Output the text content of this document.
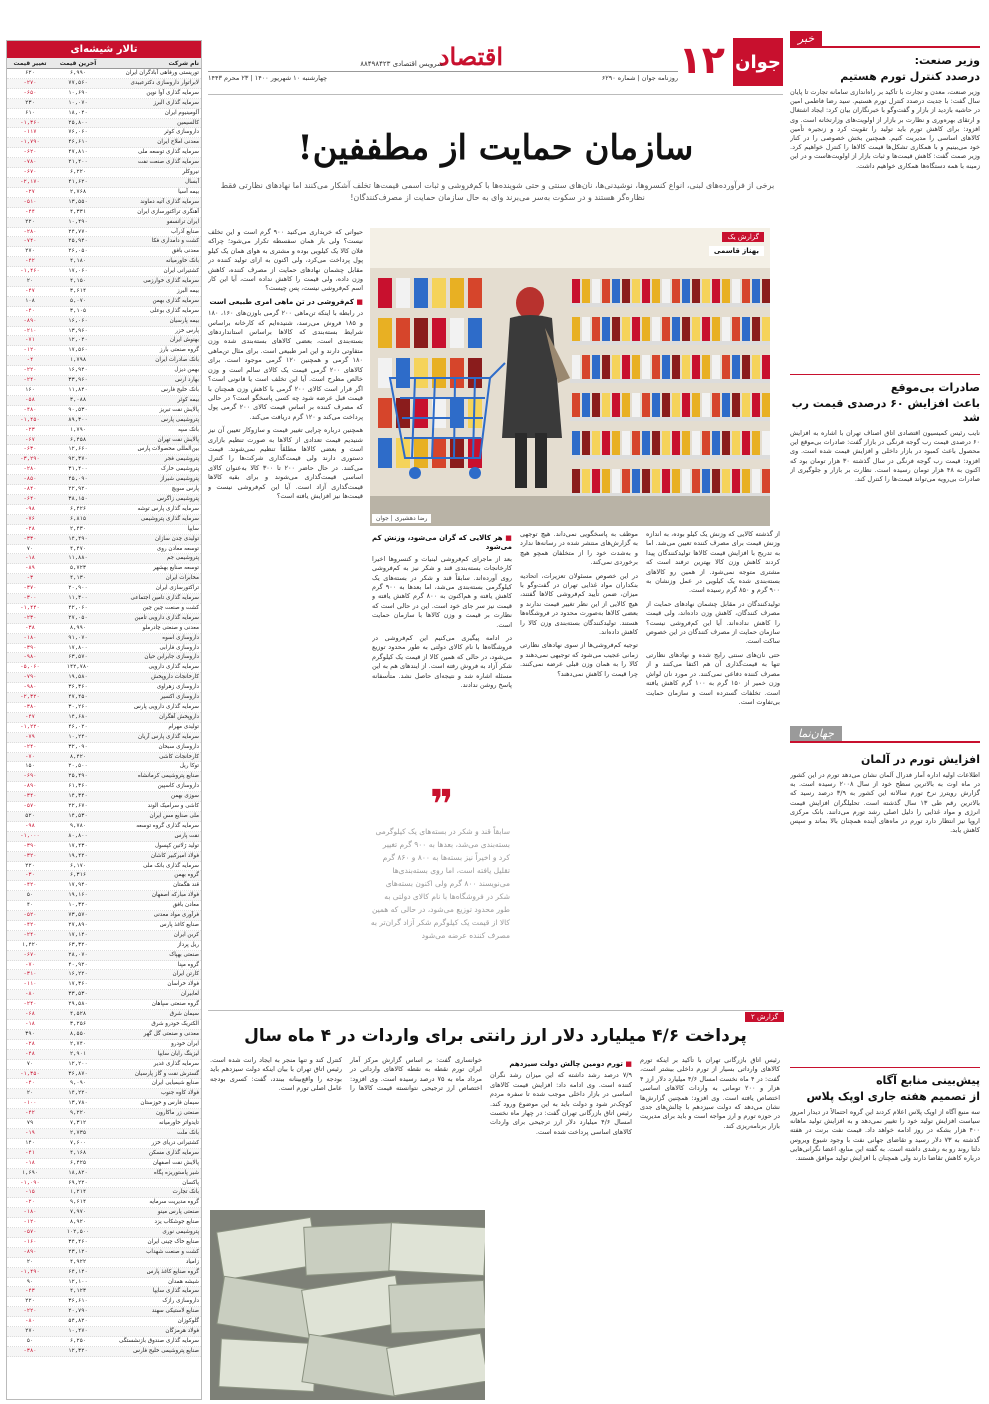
خبر
وزیر صنعت:
درصدد کنترل تورم هستیم
وزیر صنعت، معدن و تجارت با تأکید بر راه‌اندازی سامانه تجارت تا پایان سال گفت: با جدیت درصدد کنترل تورم هستیم. سید رضا فاطمی امین در حاشیه بازدید از بازار و گفت‌وگو با خبرنگاران بیان کرد: ایجاد اشتغال و ارتقای بهره‌وری و نظارت بر بازار از اولویت‌های وزارتخانه است. وی افزود: برای کاهش تورم باید تولید را تقویت کرد و زنجیره تأمین کالاهای اساسی را مدیریت کنیم. همچنین بخش خصوصی را در کنار خود می‌بینیم و با همکاری تشکل‌ها قیمت کالاها را کنترل خواهیم کرد. وزیر صمت گفت: کاهش قیمت‌ها و ثبات بازار از اولویت‌هاست و در این زمینه با همه دستگاه‌ها همکاری خواهیم داشت.
صادرات بی‌موقع
باعث افزایش ۶۰ درصدی قیمت رب شد
نایب رئیس کمیسیون اقتصادی اتاق اصناف تهران با اشاره به افزایش ۶۰ درصدی قیمت رب گوجه فرنگی در بازار گفت: صادرات بی‌موقع این محصول باعث کمبود در بازار داخلی و افزایش قیمت شده است. وی افزود: قیمت رب گوجه فرنگی در سال گذشته ۳۰ هزار تومان بود که اکنون به ۴۸ هزار تومان رسیده است. نظارت بر بازار و جلوگیری از صادرات بی‌رویه می‌تواند قیمت‌ها را کنترل کند.
جهان‌نما
افزایش تورم در آلمان
اطلاعات اولیه اداره آمار فدرال آلمان نشان می‌دهد تورم در این کشور در ماه اوت به بالاترین سطح خود از سال ۲۰۰۸ رسیده است. به گزارش رویترز نرخ تورم سالانه این کشور به ۳/۹ درصد رسید که بالاترین رقم طی ۱۳ سال گذشته است. تحلیلگران افزایش قیمت انرژی و مواد غذایی را دلیل اصلی رشد تورم می‌دانند. بانک مرکزی اروپا نیز انتظار دارد تورم در ماه‌های آینده همچنان بالا بماند و سپس کاهش یابد.
پیش‌بینی منابع آگاه
از تصمیم هفته جاری اوپک پلاس
سه منبع آگاه از اوپک پلاس اعلام کردند این گروه احتمالاً در دیدار امروز سیاست افزایش تولید خود را تغییر نمی‌دهد و به افزایش تولید ماهانه ۴۰۰ هزار بشکه در روز ادامه خواهد داد. قیمت نفت برنت در هفته گذشته به ۷۳ دلار رسید و تقاضای جهانی نفت با وجود شیوع ویروس دلتا روند رو به رشدی داشته است. به گفته این منابع، اعضا نگرانی‌هایی درباره کاهش تقاضا دارند ولی همچنان با افزایش تولید موافق هستند.
تالار شیشه‌ای
نام شرکت
آخرین قیمت
تغییر قیمت
توریستی ورفاهی آبادگران ایران
۶,۹۹۰
۶۲۰
لابراتوار داروسازی دکترعبیدی
۷۷,۵۶۰
۲۷۰-
سرمایه گذاری آوا نوین
۱۰,۶۹۰
۶۵۰-
سرمایه گذاری البرز
۱۰,۰۷۰
۲۳۰
آلومینیوم ایران
۱۸,۰۴۰
۶۱۰
کالسیمین
۲۵,۸۰۰
۱,۳۶۰-
داروسازی کوثر
۷۶,۰۶۰
۱۱۷-
معدنی املاح ایران
۴۶,۶۱۰
۱,۷۹۰-
سرمایه گذاری توسعه ملی
۴۷,۸۱۰
۶۲۰-
سرمایه گذاری صنعت نفت
۲۱,۴۰۰
۷۸۰-
نیروکلر
۶,۲۲۰
۶۷۰-
آبسال
۴۱,۶۲۰
۲,۱۷۰-
بیمه آسیا
۲,۷۶۸
۲۷-
سرمایه گذاری آتیه دماوند
۱۳,۵۵۰
۵۱۰-
آهنگری تراکتورسازی ایران
۴,۳۳۱
۴۴-
ایران ترانسفو
۱۰,۴۹۰
۲۲۰
صنایع آذرآب
۲۴,۷۷۰
۲۸۰-
کشت و دامداری فکا
۲۵,۹۴۰
۷۴۰-
معدنی بافق
۲۶,۰۵۰
۲۷۰
بانک خاورمیانه
۴,۱۸۰
۴۲-
کشتیرانی ایران
۱۷,۰۶۰
۱,۴۶۰-
سرمایه گذاری خوارزمی
۴,۱۵۰
۲۰
بیمه البرز
۳,۶۱۴
۴۷-
سرمایه گذاری بهمن
۵,۰۷۰
۱۰۸
سرمایه گذاری بوعلی
۳,۱۰۵
۴۰-
بیمه پارسیان
۱۶,۰۶۰
۸۹۰-
پارس خزر
۱۳,۹۶۰
۲۱۰-
بهنوش ایران
۱۲,۰۴۰
۷۱-
گروه صنعتی بارز
۱۷,۵۶۰
۱۲۰-
بانک صادرات ایران
۱,۷۹۸
۴-
بهمن دیزل
۱۶,۹۴۰
۲۲۰-
بهارد ارس
۳۳,۹۶۰
۲۴۰-
بانک خلیج فارس
۱۱,۸۴۰
۱۶۰
بیمه کوثر
۳,۰۸۸
۵۸-
پالایش نفت تبریز
۹۰,۵۳۰
۴۸۰-
پتروشیمی پارس
۸۹,۳۰۰
۱,۴۵۰-
بانک سپه
۱,۷۹۰
۲۳-
پالایش نفت تهران
۶,۴۵۸
۶۷-
بین‌المللی محصولات پارس
۱۲,۶۶۰
۶۳۰-
پتروشیمی فجر
۹۲,۳۷۰
۳,۲۹۰-
پتروشیمی خارک
۳۱,۴۰۰
۲۸۰-
پتروشیمی شیراز
۴۵,۰۹۰
۸۵۰-
پارس سویچ
۲۲,۹۲۰
۸۴۰-
پتروشیمی زاگرس
۳۸,۱۵۰
۶۴۰-
سرمایه گذاری پارس توشه
۶,۴۲۶
۹۸-
سرمایه گذاری پتروشیمی
۶,۸۱۵
۷۶-
سایپا
۲,۴۳۰
۲۸-
تولیدی چدن سازان
۱۴,۴۹۰
۳۳۰-
توسعه معادن روی
۴,۴۷۰
۷۰
پتروشیمی جم
۱۱,۸۸۰
۱۸-
توسعه صنایع بهشهر
۵,۷۲۳
۸۹-
مخابرات ایران
۴,۱۳۰
۳-
تراکتورسازی ایران
۲۰,۹۰۰
۳۷۰-
سرمایه گذاری تامین اجتماعی
۱۱,۳۰۰
۳۰۰-
کشت و صنعت چین چین
۴۲,۰۶۰
۱,۴۴۰-
سرمایه گذاری دارویی تامین
۲۷,۰۵۰
۲۳۰-
معدنی و صنعتی چادرملو
۸,۹۹۰
۳۸-
داروسازی اسوه
۹۱,۰۷۰
۱۸۰-
داروسازی فارابی
۱۷,۸۰۰
۳۹۰-
داروسازی جابرابن حیان
۶۳,۵۷۰
۹۸۰-
سرمایه گذاری دارویی
۱۴۲,۷۸۰
۵,۰۶۰-
کارخانجات داروپخش
۱۹,۵۸۰
۷۹۰-
داروسازی زهراوی
۳۶,۳۶۰
۹۸۰-
داروسازی اکسیر
۴۷,۴۵۰
۲,۳۲۰-
سرمایه گذاری دارویی پارس
۳۰,۲۶۰
۳۸۰-
داروپخش آهگران
۱۴,۶۸۰
۴۷-
تولیدی مهرام
۴۶,۰۲۰
۱,۲۲۰-
سرمایه گذاری پارس آریان
۱۰,۲۴۰
۷۹-
داروسازی سبحان
۳۲,۰۹۰
۲۴۰-
کارخانجات کاشی
۸,۴۲۰
۷۰-
توکا ریل
۲۰,۵۰۰
۱۵۰
صنایع پتروشیمی کرمانشاه
۲۵,۴۹۰
۶۹۰-
داروسازی کاسپین
۶۱,۳۶۰
۸۹۰-
سوزی بهمن
۱۴,۳۴۰
۳۴۰-
کاشی و سرامیک الوند
۲۲,۶۷۰
۵۷۰-
ملی صنایع مس ایران
۱۴,۵۳۰
۵۲۰
سرمایه گذاری گروه توسعه
۹,۷۸۰
۹۸-
نفت پارس
۸۰,۸۰۰
۱,۰۰۰-
تولید ژلاتین کپسول
۱۷,۴۳۰
۳۹۰-
فولاد امیرکبیر کاشان
۱۹,۴۲۰
۳۲۰-
سرمایه گذاری بانک ملی
۶,۱۷۰
۲۲۰
گروه بهمن
۶,۳۱۶
۳۰-
قند هگمتان
۱۷,۹۴۰
۴۲۰-
فولاد مبارکه اصفهان
۱۹,۱۶۰
۵۰
معادن بافق
۱۰,۳۲۰
۴۰
فرآوری مواد معدنی
۷۳,۵۷۰
۵۲۰-
صنایع کاغذ پارس
۲۷,۸۹۰
۴۲۰-
کربن ایران
۱۷,۱۴۰
۲۴۰-
ریل پرداز
۶۳,۳۲۰
۱,۴۲۰
صنعتی بهپاک
۲۸,۰۷۰
۶۷۰-
گروه مپنا
۴۰,۹۲۰
۷۰-
کارتن ایران
۱۶,۲۲۰
۳۱۰-
فولاد خراسان
۱۷,۳۶۰
۱۱۰-
لعابیران
۳۳,۵۳۰
۸۰-
گروه صنعتی سپاهان
۲۹,۵۸۰
۲۴۰-
سیمان شرق
۴,۵۲۸
۶۸-
الکتریک خودرو شرق
۳,۲۵۶
۱۸-
معدنی و صنعتی گل گهر
۸,۵۵۰
۳۹۰
ایران خودرو
۲,۷۴۰
۲۸-
لیزینگ رایان سایپا
۲,۹۰۱
۴۸-
سرمایه گذاری غدیر
۱۲,۲۰۰
۷۰
گسترش نفت و گاز پارسیان
۳۶,۸۷۰
۱,۳۵۰-
صنایع شیمیایی ایران
۹,۰۹۰
۴۰-
فولاد کاوه جنوب
۱۴,۲۲۰
۲۰
سیمان فارس و خوزستان
۱۳,۷۸۰
۱۰۰-
صنعتی زر ماکارون
۹,۲۲۰
۴۲-
تایدواتر خاورمیانه
۷,۳۱۲
۷۹
بانک ملت
۲,۷۳۵
۱۹-
کشتیرانی دریای خزر
۷,۶۰۰
۱۴۰
سرمایه گذاری مسکن
۴,۱۶۸
۴۱-
پالایش نفت اصفهان
۶,۴۲۵
۱۸-
شیر پاستوریزه پگاه
۱۸,۸۲۰
۱,۶۹۰
پاکسان
۶۹,۲۲۰
۱,۰۹۰-
بانک تجارت
۱,۲۱۴
۱۵-
گروه مدیریت سرمایه
۹,۶۱۴
۲۰-
صنعتی پارس مینو
۷,۹۷۰
۱۸۰-
صنایع جوشکاب یزد
۸,۹۲۰
۱۲۰-
پتروشیمی نوری
۱۰۲,۵۰۰
۵۷۰-
صنایع خاک چینی ایران
۳۴,۴۶۰
۱۶۰-
کشت و صنعت شهداب
۲۳,۱۲۰
۸۹۰-
زامیاد
۴,۹۲۲
۲۰
گروه صنایع کاغذ پارس
۶۴,۱۴۰
۱,۴۹۰-
شیشه همدان
۱۲,۱۰۰
۹۰
سرمایه گذاری سایپا
۴,۱۲۳
۴۳-
داروسازی رازک
۳۶,۶۱۰
۲۲۰
صنایع لاستیکی سهند
۲۰,۷۹۰
۲۲۰-
گلوکوزان
۵۴,۸۲۰
۸۰-
فولاد هرمزگان
۱۰,۴۷۰
۲۷۰
سرمایه گذاری صندوق بازنشستگی
۶,۲۵۰
۵۰
صنایع پتروشیمی خلیج فارس
۱۲,۳۲۰
۳۸۰-
جوان
۱۲
اقتصاد
سرویس اقتصادی ۸۸۴۹۸۴۲۳
روزنامه جوان | شماره ۶۲۹۰
چهارشنبه ۱۰ شهریور ۱۴۰۰ | ۲۳ محرم ۱۴۴۳
سازمان حمایت از مطففین!
برخی از فرآورده‌های لبنی، انواع کنسروها، نوشیدنی‌ها، نان‌های سنتی و حتی شوینده‌ها با کم‌فروشی و ثبات اسمی قیمت‌ها تخلف آشکار می‌کنند اما نهادهای نظارتی فقط نظاره‌گر هستند و در سکوت به‌سر می‌برند وای به حال سازمان حمایت از مصرف‌کنندگان!
گزارش یک
بهناز قاسمی
رضا دهشیری | جوان
حیوانی که خریداری می‌کنید ۹۰۰ گرم است و این تخلف نیست؟ ولی باز همان سفسطه تکرار می‌شود؛ چراکه فلان کالا یک کیلویی بوده و مشتری به هوای همان یک کیلو پول پرداخت می‌کرد، ولی اکنون به ازای تولید کننده در مقابل چشمان نهادهای حمایت از مصرف کننده، کاهش وزن داده، ولی قیمت را کاهش نداده است، آیا این کار اسم کم‌فروشی نیست، پس چیست؟
■ کم‌فروشی در تن ماهی امری طبیعی است
در رابطه با اینکه تن‌ماهی ۲۰۰ گرمی باوزن‌های ۱۶۰، ۱۸۰ و ۱۸۵ فروش می‌رسد، شنیده‌ایم که کارخانه براساس شرایط بسته‌بندی که کالاها براساس استانداردهای بسته‌بندی است، بعضی کالاهای بسته‌بندی شده وزن متفاوتی دارند و این امر طبیعی است. برای مثال تن‌ماهی ۱۸۰ گرمی و همچنین ۱۲۰ گرمی موجود است. برای کالاهای ۲۰۰ گرمی قیمت یک کالای سالم است و وزن خالص مطرح است. آیا این تخلف است یا قانونی است؟ اگر قرار است کالای ۲۰۰ گرمی با کاهش وزن همچنان با قیمت قبل عرضه شود چه کسی پاسخگو است؟ در حالی که مصرف کننده بر اساس قیمت کالای ۲۰۰ گرمی پول پرداخت می‌کند و ۱۲۰ گرم دریافت می‌کند.
همچنین درباره چرایی تغییر قیمت و سازوکار تعیین آن نیز شنیدیم قیمت تعدادی از کالاها به صورت تنظیم بازاری است و بعضی کالاها مطلقاً تنظیم نمی‌شوند. قیمت دستوری دارند ولی قیمت‌گذاری شرکت‌ها را کنترل می‌کنند. در حال حاضر ۲۰۰ تا ۳۰۰ کالا به‌عنوان کالای اساسی قیمت‌گذاری می‌شوند و برای بقیه کالاها قیمت‌گذاری آزاد است. آیا این کم‌فروشی نیست و قیمت‌ها نیز افزایش یافته است؟
■ هر کالایی که گران می‌شود، وزنش کم می‌شود
بعد از ماجرای کم‌فروشی لبنیات و کنسروها اخیرا کارخانجات بسته‌بندی قند و شکر نیز به کم‌فروشی روی آورده‌اند. سابقاً قند و شکر در بسته‌های یک کیلوگرمی بسته‌بندی می‌شد، اما بعدها به ۹۰۰ گرم کاهش یافته و هم‌اکنون به ۸۰۰ گرم کاهش یافته و قیمت نیز سر جای خود است. این در حالی است که نظارت بر قیمت و وزن کالاها با سازمان حمایت است.
در ادامه پیگیری می‌کنیم این کم‌فروشی در فروشگاه‌ها با نام کالای دولتی به طور محدود توزیع می‌شود، در حالی که همین کالا از قیمت یک کیلوگرم شکر آزاد به فروش رفته است. از ایندهای هم به این مسئله اشاره شد و نتیجه‌ای حاصل نشد. متأسفانه پاسخ روشن ندادند.
❞
سابقاً قند و شکر در بسته‌های یک کیلوگرمی بسته‌بندی می‌شد، بعدها به ۹۰۰ گرم تغییر کرد و اخیراً نیز بسته‌ها به ۸۰۰ و ۸۶۰ گرم تقلیل یافته است، اما روی بسته‌بندی‌ها می‌نویسند ۸۰۰ گرم ولی اکنون بسته‌های شکر در فروشگاه‌ها با نام کالای دولتی به طور محدود توزیع می‌شود، در حالی که همین کالا از قیمت یک کیلوگرم شکر آزاد گران‌تر به مصرف کننده عرضه می‌شود
موظف به پاسخگویی نمی‌داند. هیچ توجهی به گزارش‌های منتشر شده در رسانه‌ها ندارد و به‌شدت خود را از متخلفان همچو هیچ برخوردی نمی‌کند.
در این خصوص مسئولان تعزیرات، اتحادیه بنکداران مواد غذایی تهران در گفت‌وگو با میزان، ضمن تأیید کم‌فروشی کالاها گفتند، هیچ کالایی از این نظر تغییر قیمت ندارند و بعضی کالاها به‌صورت محدود در فروشگاه‌ها هستند. تولیدکنندگان بسته‌بندی وزن کالا را کاهش داده‌اند.
توجیه کم‌فروشی‌ها از سوی نهادهای نظارتی زمانی عجیب می‌شود که توجیهی نمی‌دهند و کالا را به همان وزن قبلی عرضه نمی‌کنند. چرا قیمت را کاهش نمی‌دهند؟
از گذشته کالایی که وزنش یک کیلو بوده، به اندازه وزنش قیمت برای مصرف کننده تعیین می‌شد. اما به تدریج با افزایش قیمت کالاها تولیدکنندگان پیدا کردند کاهش وزن کالا بهترین ترفند است که مشتری متوجه نمی‌شود. از همین رو کالاهای بسته‌بندی شده یک کیلویی در عمل وزنشان به ۹۰۰ گرم و ۸۵۰ گرم رسیده است.
تولیدکنندگان در مقابل چشمان نهادهای حمایت از مصرف کنندگان، کاهش وزن داده‌اند، ولی قیمت را کاهش نداده‌اند. آیا این کم‌فروشی نیست؟ سازمان حمایت از مصرف کنندگان در این خصوص ساکت است.
حتی نان‌های سنتی رایج شده و نهادهای نظارتی تنها به قیمت‌گذاری آن هم اکتفا می‌کنند و از مصرف کننده دفاعی نمی‌کنند. در مورد نان لواش وزن خمیر از ۱۵۰ گرم به ۱۰۰ گرم کاهش یافته است. تخلفات گسترده است و سازمان حمایت بی‌تفاوت است.
گزارش ۲
پرداخت ۴/۶ میلیارد دلار ارز رانتی برای واردات در ۴ ماه سال
رئیس اتاق بازرگانی تهران با تأکید بر اینکه تورم کالاهای وارداتی بسیار از تورم داخلی بیشتر است، گفت: در ۴ ماه نخست امسال ۴/۶ میلیارد دلار ارز ۴ هزار و ۲۰۰ تومانی به واردات کالاهای اساسی اختصاص یافته است. وی افزود: همچنین گزارش‌ها نشان می‌دهد که دولت سیزدهم با چالش‌های جدی در حوزه تورم و ارز مواجه است و باید برای مدیریت بازار برنامه‌ریزی کند.
■ تورم دومین چالش دولت سیزدهم
۷/۹ درصد رشد داشته که این میزان رشد نگران کننده است. وی ادامه داد: افزایش قیمت کالاهای اساسی در بازار داخلی موجب شده تا سفره مردم کوچک‌تر شود و دولت باید به این موضوع ورود کند. رئیس اتاق بازرگانی تهران گفت: در چهار ماه نخست امسال ۴/۶ میلیارد دلار ارز ترجیحی برای واردات کالاهای اساسی پرداخت شده است.
خوانساری گفت: بر اساس گزارش مرکز آمار ایران تورم نقطه به نقطه کالاهای وارداتی در مرداد ماه به ۷۵ درصد رسیده است. وی افزود: اختصاص ارز ترجیحی نتوانسته قیمت کالاها را کنترل کند و تنها منجر به ایجاد رانت شده است. رئیس اتاق تهران با بیان اینکه دولت سیزدهم باید بودجه را واقع‌بینانه ببندد، گفت: کسری بودجه عامل اصلی تورم است.
